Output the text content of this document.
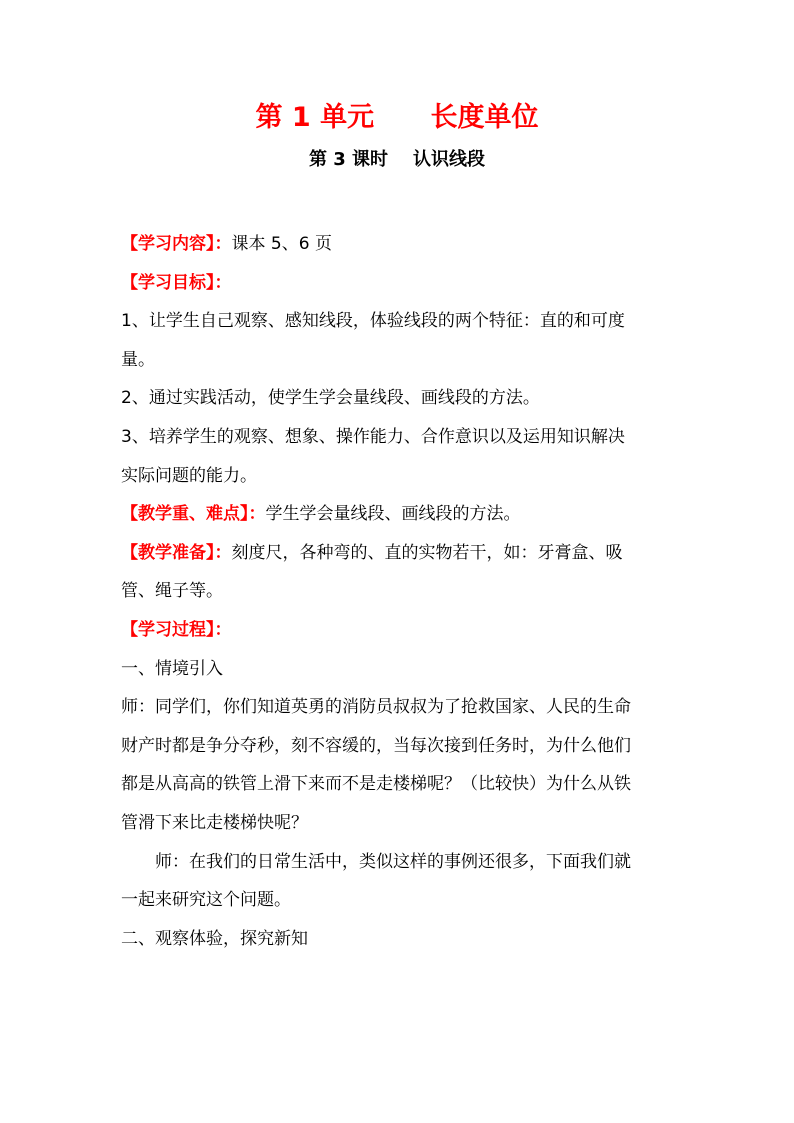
第 1 单元      长度单位
第 3 课时    认识线段
【学习内容】：课本 5、6 页
【学习目标】：
1、让学生自己观察、感知线段，体验线段的两个特征：直的和可度
量。
2、通过实践活动，使学生学会量线段、画线段的方法。
3、培养学生的观察、想象、操作能力、合作意识以及运用知识解决
实际问题的能力。
【教学重、难点】：学生学会量线段、画线段的方法。
【教学准备】：刻度尺，各种弯的、直的实物若干，如：牙膏盒、吸
管、绳子等。
【学习过程】：
一、情境引入
师：同学们，你们知道英勇的消防员叔叔为了抢救国家、人民的生命
财产时都是争分夺秒，刻不容缓的，当每次接到任务时，为什么他们
都是从高高的铁管上滑下来而不是走楼梯呢？（比较快）为什么从铁
管滑下来比走楼梯快呢？
师：在我们的日常生活中，类似这样的事例还很多，下面我们就
一起来研究这个问题。
二、观察体验，探究新知
